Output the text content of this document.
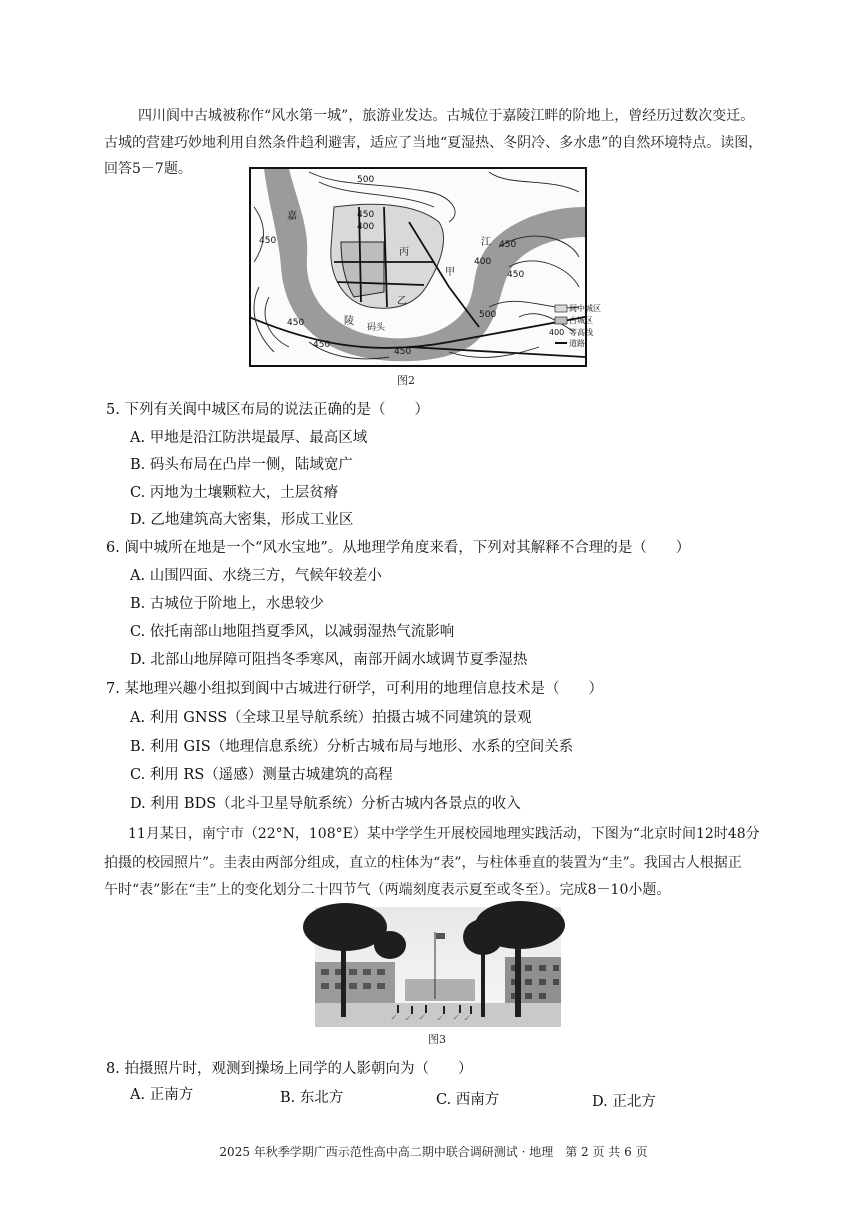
四川阆中古城被称作“风水第一城”，旅游业发达。古城位于嘉陵江畔的阶地上，曾经历过数次变迁。
古城的营建巧妙地利用自然条件趋利避害，适应了当地“夏湿热、冬阴冷、多水患”的自然环境特点。读图，
回答5－7题。
500
450
450
400
450
400
450
500
450
450
450
嘉
江
陵
丙
甲
乙
码头
阆中城区
古城区
400 等高线
道路
图2
5. 下列有关阆中城区布局的说法正确的是（　　）
A. 甲地是沿江防洪堤最厚、最高区域
B. 码头布局在凸岸一侧，陆域宽广
C. 丙地为土壤颗粒大，土层贫瘠
D. 乙地建筑高大密集，形成工业区
6. 阆中城所在地是一个“风水宝地”。从地理学角度来看，下列对其解释不合理的是（　　）
A. 山围四面、水绕三方，气候年较差小
B. 古城位于阶地上，水患较少
C. 依托南部山地阻挡夏季风，以减弱湿热气流影响
D. 北部山地屏障可阻挡冬季寒风，南部开阔水域调节夏季湿热
7. 某地理兴趣小组拟到阆中古城进行研学，可利用的地理信息技术是（　　）
A. 利用 GNSS（全球卫星导航系统）拍摄古城不同建筑的景观
B. 利用 GIS（地理信息系统）分析古城布局与地形、水系的空间关系
C. 利用 RS（遥感）测量古城建筑的高程
D. 利用 BDS（北斗卫星导航系统）分析古城内各景点的收入
11月某日，南宁市（22°N，108°E）某中学学生开展校园地理实践活动，下图为“北京时间12时48分
拍摄的校园照片”。圭表由两部分组成，直立的柱体为“表”，与柱体垂直的装置为“圭”。我国古人根据正
午时“表”影在“圭”上的变化划分二十四节气（两端刻度表示夏至或冬至）。完成8－10小题。
图3
8. 拍摄照片时，观测到操场上同学的人影朝向为（　　）
A. 正南方	B. 东北方	C. 西南方	D. 正北方
2025 年秋季学期广西示范性高中高二期中联合调研测试 · 地理　第 2 页 共 6 页
